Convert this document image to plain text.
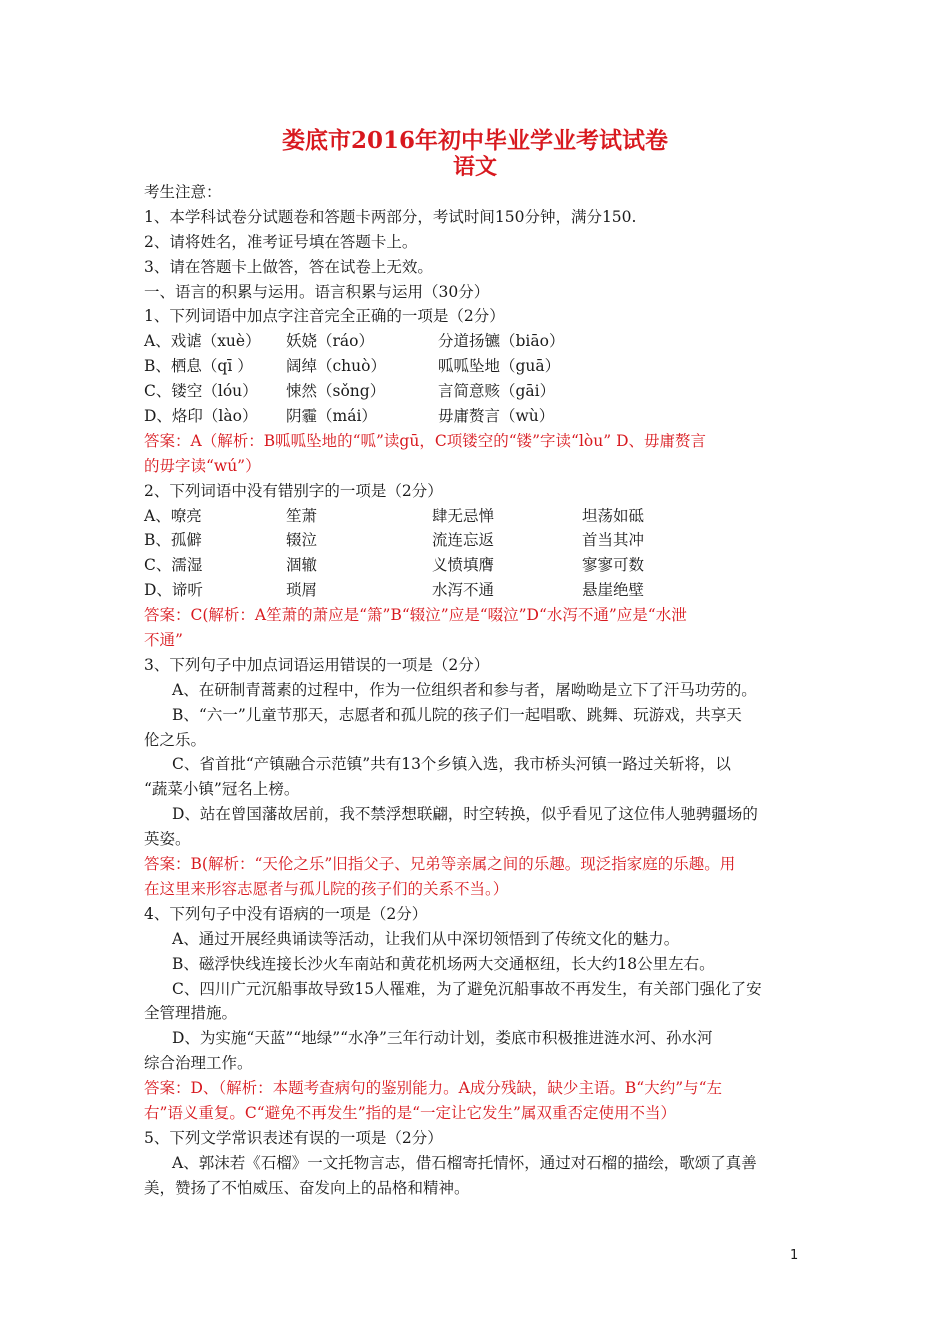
娄底市2016年初中毕业学业考试试卷
语文
考生注意：
1、本学科试卷分试题卷和答题卡两部分，考试时间150分钟，满分150.
2、请将姓名，准考证号填在答题卡上。
3、请在答题卡上做答，答在试卷上无效。
一、语言的积累与运用。语言积累与运用（30分）
1、下列词语中加点字注音完全正确的一项是（2分）
A、戏谑（xuè）	妖娆（ráo）	分道扬镳（biāo）
B、栖息（qī ）	阔绰（chuò）	呱呱坠地（guā）
C、镂空（lóu）	悚然（sǒng）	言简意赅（gāi）
D、烙印（lào）	阴霾（mái）	毋庸赘言（wù）
答案：A（解析：B呱呱坠地的“呱”读gū，C项镂空的“镂”字读“lòu” D、毋庸赘言
的毋字读“wú”）
2、下列词语中没有错别字的一项是（2分）
A、嘹亮	笙萧	肆无忌惮	坦荡如砥
B、孤僻	辍泣	流连忘返	首当其冲
C、濡湿	涸辙	义愤填膺	寥寥可数
D、谛听	琐屑	水泻不通	悬崖绝壁
答案：C(解析：A笙萧的萧应是“箫”B“辍泣”应是“啜泣”D“水泻不通”应是“水泄
不通”
3、下列句子中加点词语运用错误的一项是（2分）
A、在研制青蒿素的过程中，作为一位组织者和参与者，屠呦呦是立下了汗马功劳的。
B、“六一”儿童节那天，志愿者和孤儿院的孩子们一起唱歌、跳舞、玩游戏，共享天
伦之乐。
C、省首批“产镇融合示范镇”共有13个乡镇入选，我市桥头河镇一路过关斩将，以
“蔬菜小镇”冠名上榜。
D、站在曾国藩故居前，我不禁浮想联翩，时空转换，似乎看见了这位伟人驰骋疆场的
英姿。
答案：B(解析：“天伦之乐”旧指父子、兄弟等亲属之间的乐趣。现泛指家庭的乐趣。用
在这里来形容志愿者与孤儿院的孩子们的关系不当。）
4、下列句子中没有语病的一项是（2分）
A、通过开展经典诵读等活动，让我们从中深切领悟到了传统文化的魅力。
B、磁浮快线连接长沙火车南站和黄花机场两大交通枢纽，长大约18公里左右。
C、四川广元沉船事故导致15人罹难，为了避免沉船事故不再发生，有关部门强化了安
全管理措施。
D、为实施“天蓝”“地绿”“水净”三年行动计划，娄底市积极推进涟水河、孙水河
综合治理工作。
答案：D、（解析：本题考查病句的鉴别能力。A成分残缺，缺少主语。B“大约”与“左
右”语义重复。C“避免不再发生”指的是“一定让它发生”属双重否定使用不当）
5、下列文学常识表述有误的一项是（2分）
A、郭沫若《石榴》一文托物言志，借石榴寄托情怀，通过对石榴的描绘，歌颂了真善
美，赞扬了不怕威压、奋发向上的品格和精神。
1
